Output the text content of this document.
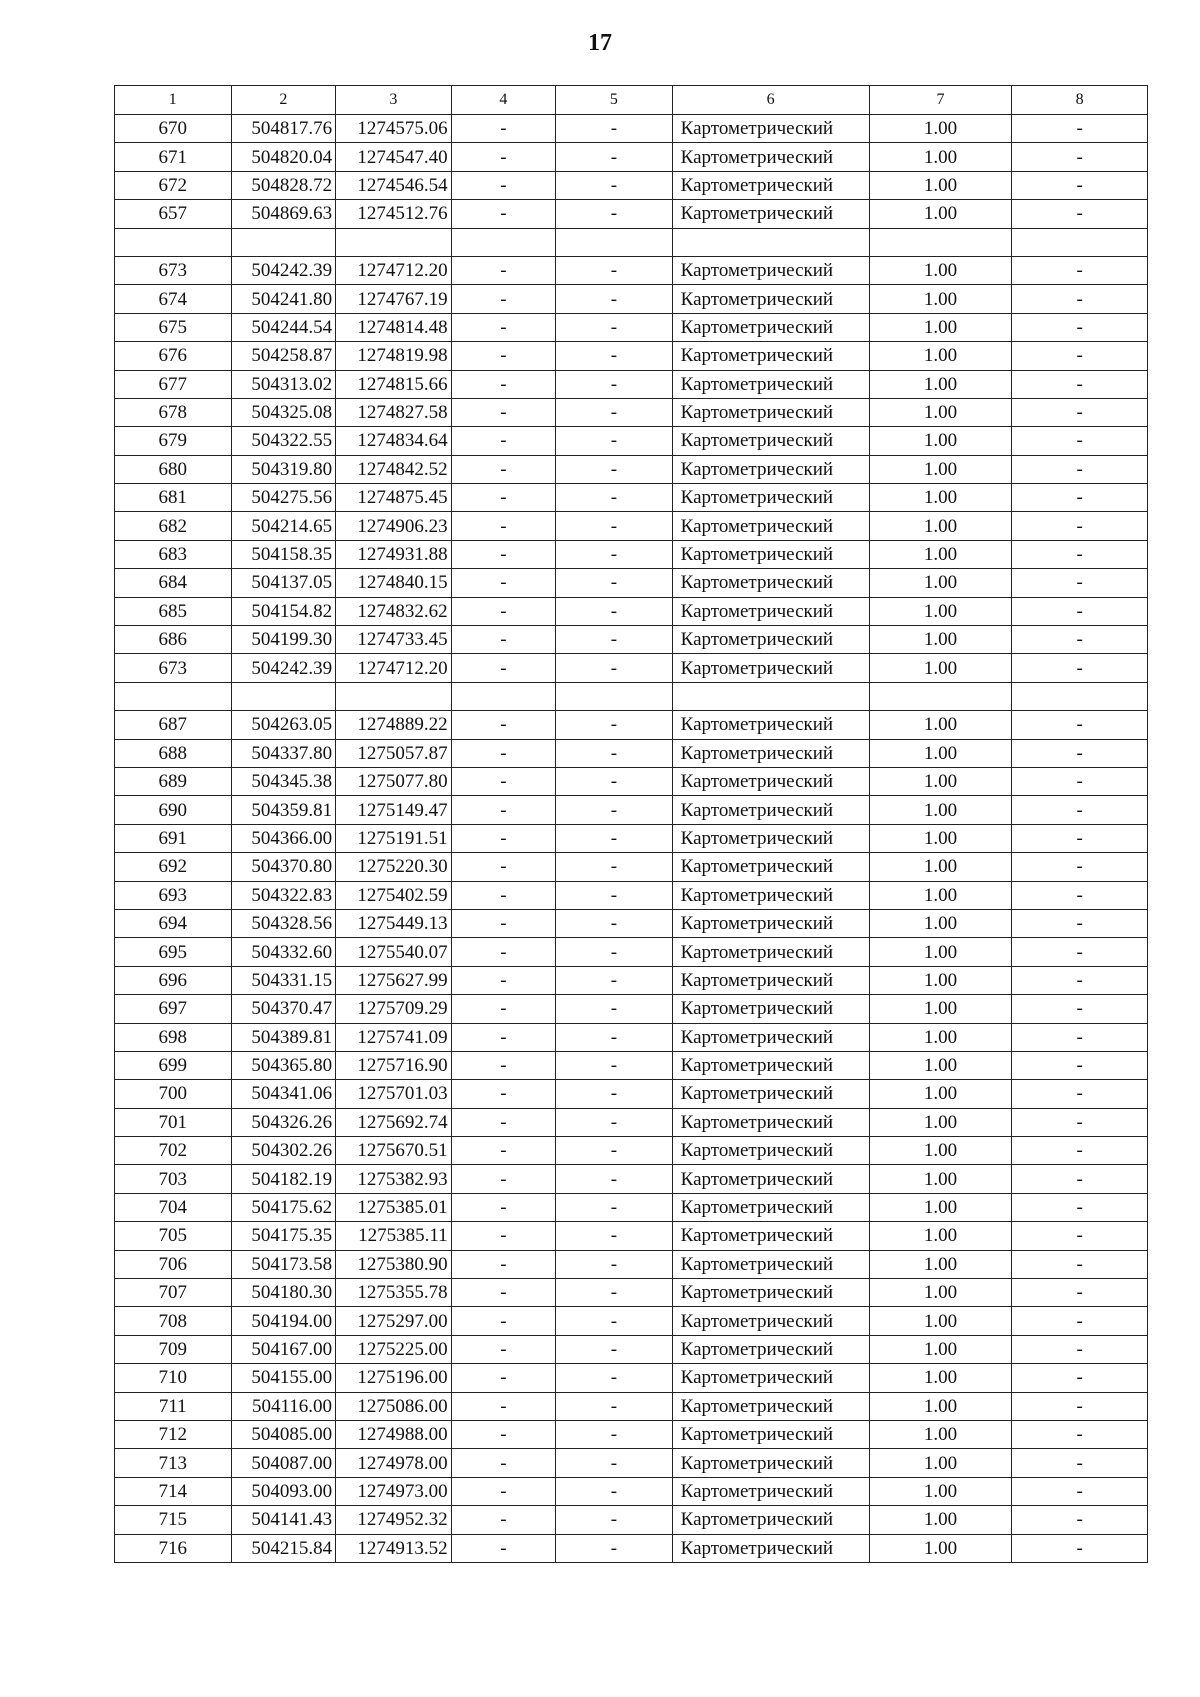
17
1	2	3	4	5	6	7	8
670	504817.76	1274575.06	-	-	Картометрический	1.00	-
671	504820.04	1274547.40	-	-	Картометрический	1.00	-
672	504828.72	1274546.54	-	-	Картометрический	1.00	-
657	504869.63	1274512.76	-	-	Картометрический	1.00	-

673	504242.39	1274712.20	-	-	Картометрический	1.00	-
674	504241.80	1274767.19	-	-	Картометрический	1.00	-
675	504244.54	1274814.48	-	-	Картометрический	1.00	-
676	504258.87	1274819.98	-	-	Картометрический	1.00	-
677	504313.02	1274815.66	-	-	Картометрический	1.00	-
678	504325.08	1274827.58	-	-	Картометрический	1.00	-
679	504322.55	1274834.64	-	-	Картометрический	1.00	-
680	504319.80	1274842.52	-	-	Картометрический	1.00	-
681	504275.56	1274875.45	-	-	Картометрический	1.00	-
682	504214.65	1274906.23	-	-	Картометрический	1.00	-
683	504158.35	1274931.88	-	-	Картометрический	1.00	-
684	504137.05	1274840.15	-	-	Картометрический	1.00	-
685	504154.82	1274832.62	-	-	Картометрический	1.00	-
686	504199.30	1274733.45	-	-	Картометрический	1.00	-
673	504242.39	1274712.20	-	-	Картометрический	1.00	-

687	504263.05	1274889.22	-	-	Картометрический	1.00	-
688	504337.80	1275057.87	-	-	Картометрический	1.00	-
689	504345.38	1275077.80	-	-	Картометрический	1.00	-
690	504359.81	1275149.47	-	-	Картометрический	1.00	-
691	504366.00	1275191.51	-	-	Картометрический	1.00	-
692	504370.80	1275220.30	-	-	Картометрический	1.00	-
693	504322.83	1275402.59	-	-	Картометрический	1.00	-
694	504328.56	1275449.13	-	-	Картометрический	1.00	-
695	504332.60	1275540.07	-	-	Картометрический	1.00	-
696	504331.15	1275627.99	-	-	Картометрический	1.00	-
697	504370.47	1275709.29	-	-	Картометрический	1.00	-
698	504389.81	1275741.09	-	-	Картометрический	1.00	-
699	504365.80	1275716.90	-	-	Картометрический	1.00	-
700	504341.06	1275701.03	-	-	Картометрический	1.00	-
701	504326.26	1275692.74	-	-	Картометрический	1.00	-
702	504302.26	1275670.51	-	-	Картометрический	1.00	-
703	504182.19	1275382.93	-	-	Картометрический	1.00	-
704	504175.62	1275385.01	-	-	Картометрический	1.00	-
705	504175.35	1275385.11	-	-	Картометрический	1.00	-
706	504173.58	1275380.90	-	-	Картометрический	1.00	-
707	504180.30	1275355.78	-	-	Картометрический	1.00	-
708	504194.00	1275297.00	-	-	Картометрический	1.00	-
709	504167.00	1275225.00	-	-	Картометрический	1.00	-
710	504155.00	1275196.00	-	-	Картометрический	1.00	-
711	504116.00	1275086.00	-	-	Картометрический	1.00	-
712	504085.00	1274988.00	-	-	Картометрический	1.00	-
713	504087.00	1274978.00	-	-	Картометрический	1.00	-
714	504093.00	1274973.00	-	-	Картометрический	1.00	-
715	504141.43	1274952.32	-	-	Картометрический	1.00	-
716	504215.84	1274913.52	-	-	Картометрический	1.00	-
